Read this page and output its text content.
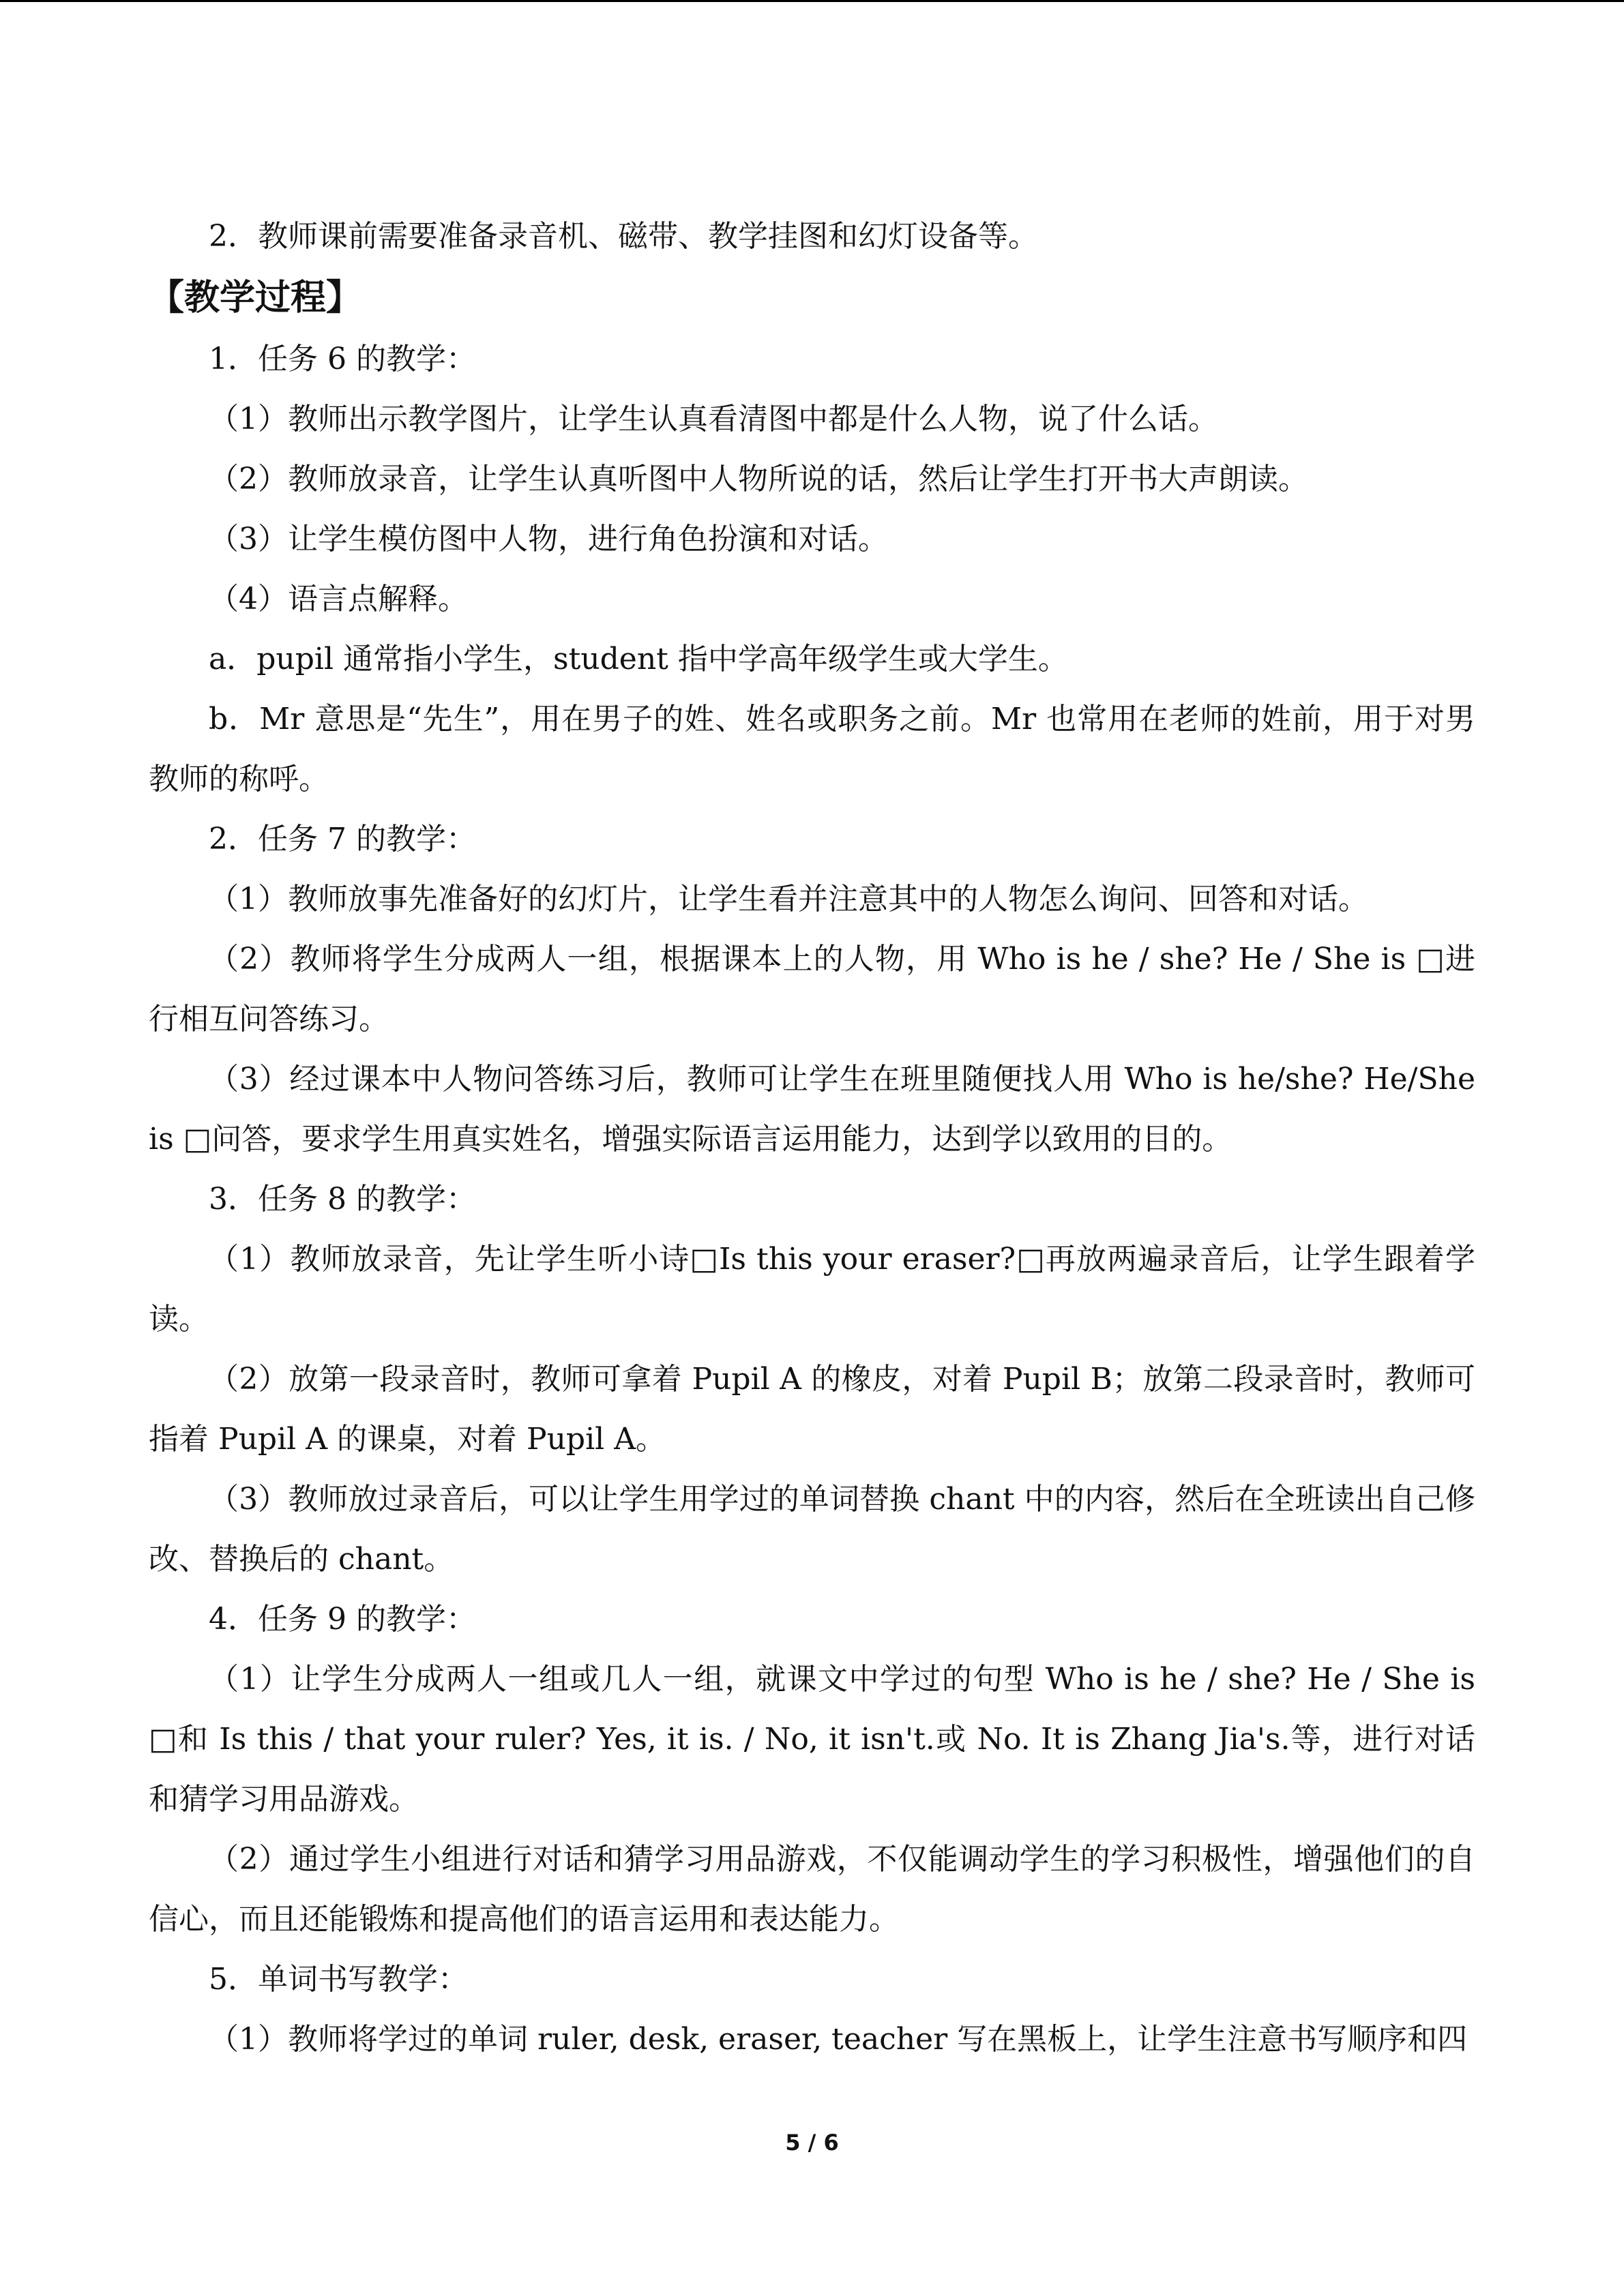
2．教师课前需要准备录音机、磁带、教学挂图和幻灯设备等。

【教学过程】

1．任务 6 的教学：

（1）教师出示教学图片，让学生认真看清图中都是什么人物，说了什么话。

（2）教师放录音，让学生认真听图中人物所说的话，然后让学生打开书大声朗读。

（3）让学生模仿图中人物，进行角色扮演和对话。

（4）语言点解释。

a．pupil 通常指小学生，student 指中学高年级学生或大学生。

b．Mr 意思是“先生”，用在男子的姓、姓名或职务之前。Mr 也常用在老师的姓前，用于对男教师的称呼。

2．任务 7 的教学：

（1）教师放事先准备好的幻灯片，让学生看并注意其中的人物怎么询问、回答和对话。

（2）教师将学生分成两人一组，根据课本上的人物，用 Who is he / she? He / She is □进行相互问答练习。

（3）经过课本中人物问答练习后，教师可让学生在班里随便找人用 Who is he/she? He/She is □问答，要求学生用真实姓名，增强实际语言运用能力，达到学以致用的目的。

3．任务 8 的教学：

（1）教师放录音，先让学生听小诗□Is this your eraser?□再放两遍录音后，让学生跟着学读。

（2）放第一段录音时，教师可拿着 Pupil A 的橡皮，对着 Pupil B；放第二段录音时，教师可指着 Pupil A 的课桌，对着 Pupil A。

（3）教师放过录音后，可以让学生用学过的单词替换 chant 中的内容，然后在全班读出自己修改、替换后的 chant。

4．任务 9 的教学：

（1）让学生分成两人一组或几人一组，就课文中学过的句型 Who is he / she? He / She is □和 Is this / that your ruler? Yes, it is. / No, it isn't.或 No. It is Zhang Jia's.等，进行对话和猜学习用品游戏。

（2）通过学生小组进行对话和猜学习用品游戏，不仅能调动学生的学习积极性，增强他们的自信心，而且还能锻炼和提高他们的语言运用和表达能力。

5．单词书写教学：

（1）教师将学过的单词 ruler, desk, eraser, teacher 写在黑板上，让学生注意书写顺序和四

5 / 6
